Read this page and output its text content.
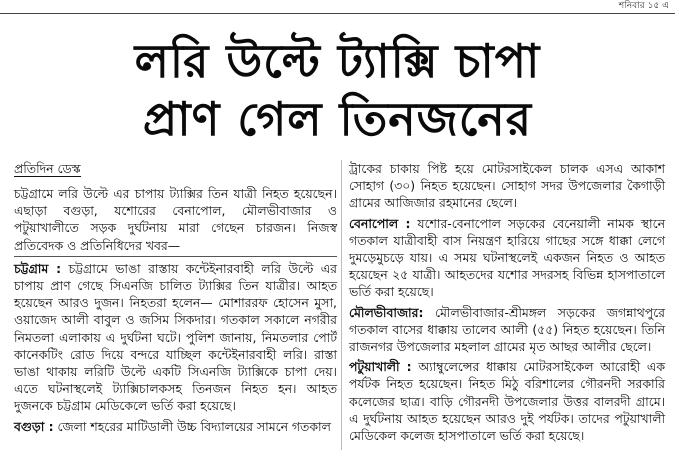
শনিবার ১৫ এ
লরি উল্টে ট্যাক্সি চাপা
প্রাণ গেল তিনজনের
প্রতিদিন ডেস্ক

চট্টগ্রামে লরি উল্টে এর চাপায় ট্যাক্সির তিন যাত্রী নিহত হয়েছেন। এছাড়া বগুড়া, যশোরের বেনাপোল, মৌলভীবাজার ও পটুয়াখালীতে সড়ক দুর্ঘটনায় মারা গেছেন চারজন। নিজস্ব প্রতিবেদক ও প্রতিনিধিদের খবর—

চট্টগ্রাম : চট্টগ্রামে ভাঙা রাস্তায় কন্টেইনারবাহী লরি উল্টে এর চাপায় প্রাণ গেছে সিএনজি চালিত ট্যাক্সির তিন যাত্রীর। আহত হয়েছেন আরও দুজন। নিহতরা হলেন— মোশাররফ হোসেন মুসা, ওয়াজেদ আলী বাবুল ও জসিম সিকদার। গতকাল সকালে নগরীর নিমতলা এলাকায় এ দুর্ঘটনা ঘটে। পুলিশ জানায়, নিমতলার পোর্ট কানেকটিং রোড দিয়ে বন্দরে যাচ্ছিল কন্টেইনারবাহী লরি। রাস্তা ভাঙা থাকায় লরিটি উল্টে একটি সিএনজি ট্যাক্সিকে চাপা দেয়। এতে ঘটনাস্থলেই ট্যাক্সিচালকসহ তিনজন নিহত হন। আহত দুজনকে চট্টগ্রাম মেডিকেলে ভর্তি করা হয়েছে।

বগুড়া : জেলা শহরের মাটিডালী উচ্চ বিদ্যালয়ের সামনে গতকাল

ট্রাকের চাকায় পিষ্ট হয়ে মোটরসাইকেল চালক এসএ আকাশ সোহাগ (৩০) নিহত হয়েছেন। সোহাগ সদর উপজেলার কৈগাড়ী গ্রামের আজিজার রহমানের ছেলে।

বেনাপোল : যশোর-বেনাপোল সড়কের বেনেয়ালী নামক স্থানে গতকাল যাত্রীবাহী বাস নিয়ন্ত্রণ হারিয়ে গাছের সঙ্গে ধাক্কা লেগে দুমড়েমুচড়ে যায়। এ সময় ঘটনাস্থলেই একজন নিহত ও আহত হয়েছেন ২৫ যাত্রী। আহতদের যশোর সদরসহ বিভিন্ন হাসপাতালে ভর্তি করা হয়েছে।

মৌলভীবাজার: মৌলভীবাজার-শ্রীমঙ্গল সড়কের জগন্নাথপুরে গতকাল বাসের ধাক্কায় তালেব আলী (৫৫) নিহত হয়েছেন। তিনি রাজনগর উপজেলার মহলাল গ্রামের মৃত আছর আলীর ছেলে।

পটুয়াখালী : অ্যাম্বুলেন্সের ধাক্কায় মোটরসাইকেল আরোহী এক পর্যটক নিহত হয়েছেন। নিহত মিঠু বরিশালের গৌরনদী সরকারি কলেজের ছাত্র। বাড়ি গৌরনদী উপজেলার উত্তর বালরদী গ্রামে। এ দুর্ঘটনায় আহত হয়েছেন আরও দুই পর্যটক। তাদের পটুয়াখালী মেডিকেল কলেজ হাসপাতালে ভর্তি করা হয়েছে।
